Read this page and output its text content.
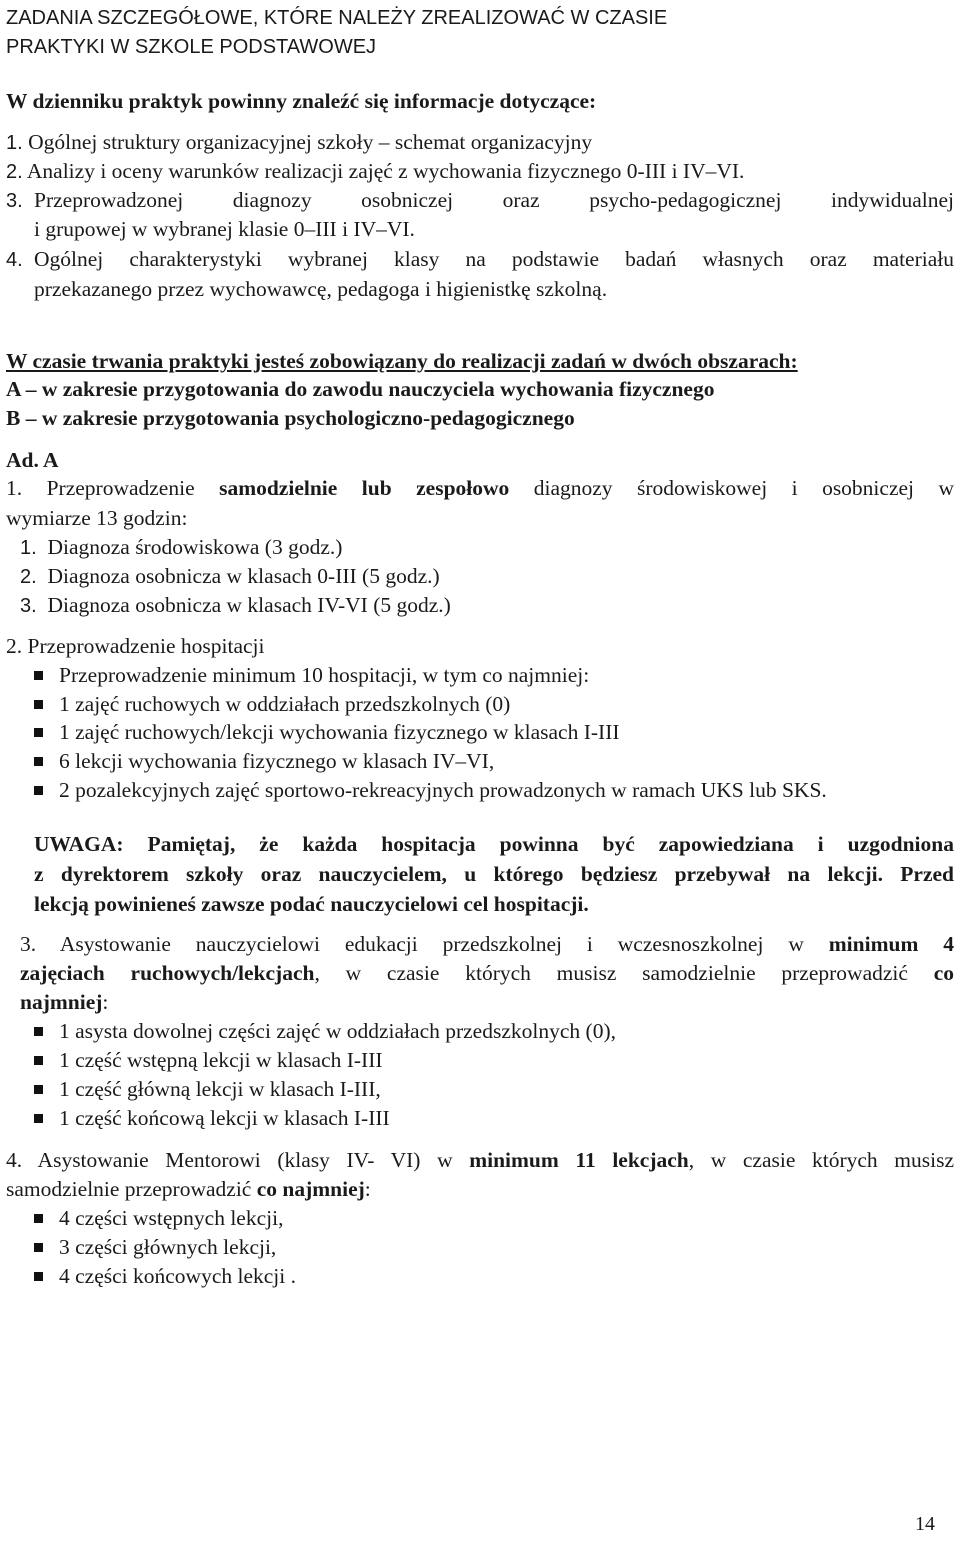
ZADANIA SZCZEGÓŁOWE, KTÓRE NALEŻY ZREALIZOWAĆ W CZASIE
PRAKTYKI W SZKOLE PODSTAWOWEJ
W dzienniku praktyk powinny znaleźć się informacje dotyczące:
1. Ogólnej struktury organizacyjnej szkoły – schemat organizacyjny
2. Analizy i oceny warunków realizacji zajęć z wychowania fizycznego 0-III i IV–VI.
3. Przeprowadzonej diagnozy osobniczej oraz psycho-pedagogicznej indywidualnej
i grupowej w wybranej klasie 0–III i IV–VI.
4. Ogólnej charakterystyki wybranej klasy na podstawie badań własnych oraz materiału
przekazanego przez wychowawcę, pedagoga i higienistkę szkolną.
W czasie trwania praktyki jesteś zobowiązany do realizacji zadań w dwóch obszarach:
A – w zakresie przygotowania do zawodu nauczyciela wychowania fizycznego
B – w zakresie przygotowania psychologiczno-pedagogicznego
Ad. A
1. Przeprowadzenie samodzielnie lub zespołowo diagnozy środowiskowej i osobniczej w
wymiarze 13 godzin:
1. Diagnoza środowiskowa (3 godz.)
2. Diagnoza osobnicza w klasach 0-III (5 godz.)
3. Diagnoza osobnicza w klasach IV-VI (5 godz.)
2. Przeprowadzenie hospitacji
Przeprowadzenie minimum 10 hospitacji, w tym co najmniej:
1 zajęć ruchowych w oddziałach przedszkolnych (0)
1 zajęć ruchowych/lekcji wychowania fizycznego w klasach I-III
6 lekcji wychowania fizycznego w klasach IV–VI,
2 pozalekcyjnych zajęć sportowo-rekreacyjnych prowadzonych w ramach UKS lub SKS.
UWAGA: Pamiętaj, że każda hospitacja powinna być zapowiedziana i uzgodniona
z dyrektorem szkoły oraz nauczycielem, u którego będziesz przebywał na lekcji. Przed
lekcją powinieneś zawsze podać nauczycielowi cel hospitacji.
3. Asystowanie nauczycielowi edukacji przedszkolnej i wczesnoszkolnej w minimum 4
zajęciach ruchowych/lekcjach, w czasie których musisz samodzielnie przeprowadzić co
najmniej:
1 asysta dowolnej części zajęć w oddziałach przedszkolnych (0),
1 część wstępną lekcji w klasach I-III
1 część główną lekcji w klasach I-III,
1 część końcową lekcji w klasach I-III
4. Asystowanie Mentorowi (klasy IV- VI) w minimum 11 lekcjach, w czasie których musisz
samodzielnie przeprowadzić co najmniej:
4 części wstępnych lekcji,
3 części głównych lekcji,
4 części końcowych lekcji .
14
